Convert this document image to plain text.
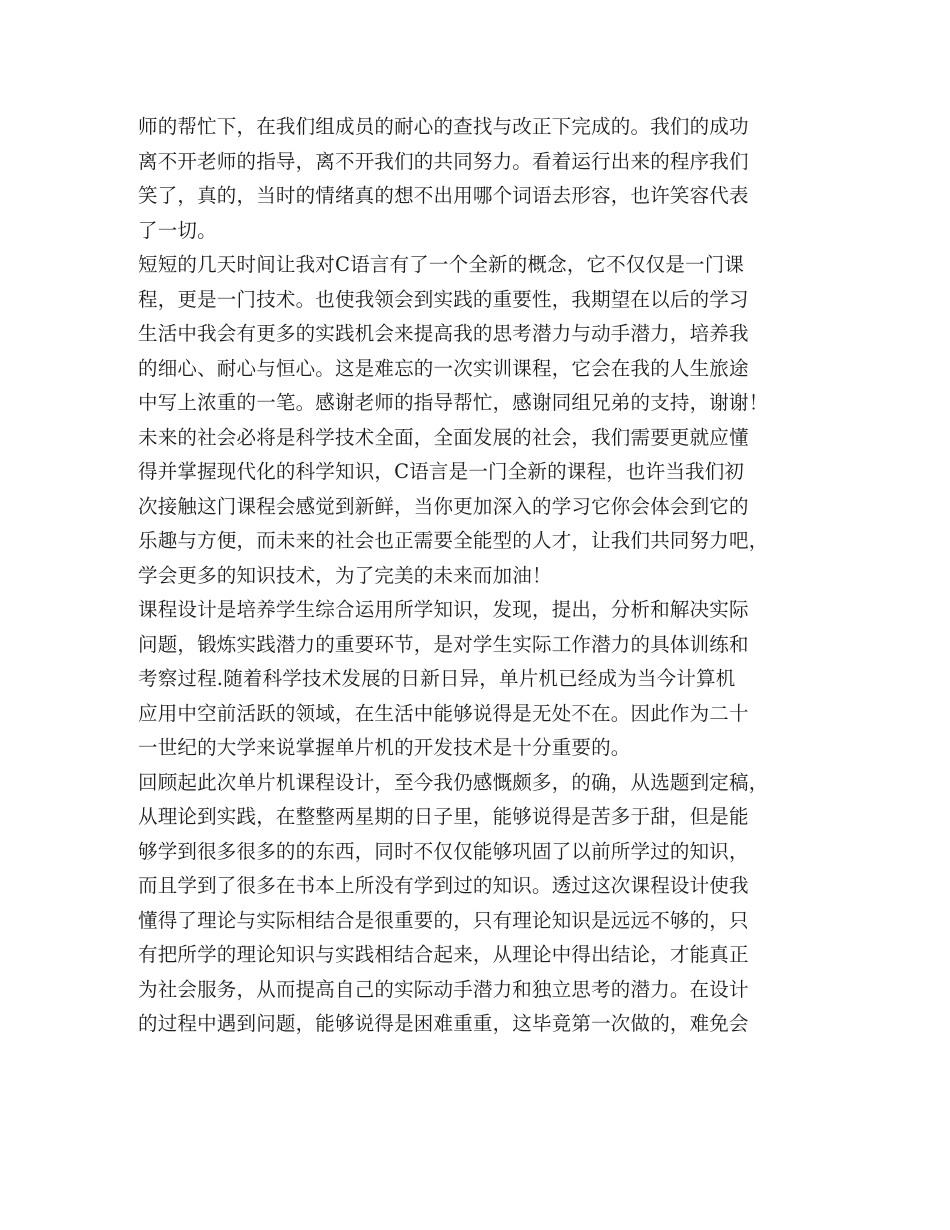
师的帮忙下，在我们组成员的耐心的查找与改正下完成的。我们的成功
离不开老师的指导，离不开我们的共同努力。看着运行出来的程序我们
笑了，真的，当时的情绪真的想不出用哪个词语去形容，也许笑容代表
了一切。
短短的几天时间让我对C语言有了一个全新的概念，它不仅仅是一门课
程，更是一门技术。也使我领会到实践的重要性，我期望在以后的学习
生活中我会有更多的实践机会来提高我的思考潜力与动手潜力，培养我
的细心、耐心与恒心。这是难忘的一次实训课程，它会在我的人生旅途
中写上浓重的一笔。感谢老师的指导帮忙，感谢同组兄弟的支持，谢谢！
未来的社会必将是科学技术全面，全面发展的社会，我们需要更就应懂
得并掌握现代化的科学知识，C语言是一门全新的课程，也许当我们初
次接触这门课程会感觉到新鲜，当你更加深入的学习它你会体会到它的
乐趣与方便，而未来的社会也正需要全能型的人才，让我们共同努力吧，
学会更多的知识技术，为了完美的未来而加油！
课程设计是培养学生综合运用所学知识，发现，提出，分析和解决实际
问题，锻炼实践潜力的重要环节，是对学生实际工作潜力的具体训练和
考察过程.随着科学技术发展的日新日异，单片机已经成为当今计算机
应用中空前活跃的领域，在生活中能够说得是无处不在。因此作为二十
一世纪的大学来说掌握单片机的开发技术是十分重要的。
回顾起此次单片机课程设计，至今我仍感慨颇多，的确，从选题到定稿，
从理论到实践，在整整两星期的日子里，能够说得是苦多于甜，但是能
够学到很多很多的的东西，同时不仅仅能够巩固了以前所学过的知识，
而且学到了很多在书本上所没有学到过的知识。透过这次课程设计使我
懂得了理论与实际相结合是很重要的，只有理论知识是远远不够的，只
有把所学的理论知识与实践相结合起来，从理论中得出结论，才能真正
为社会服务，从而提高自己的实际动手潜力和独立思考的潜力。在设计
的过程中遇到问题，能够说得是困难重重，这毕竟第一次做的，难免会
